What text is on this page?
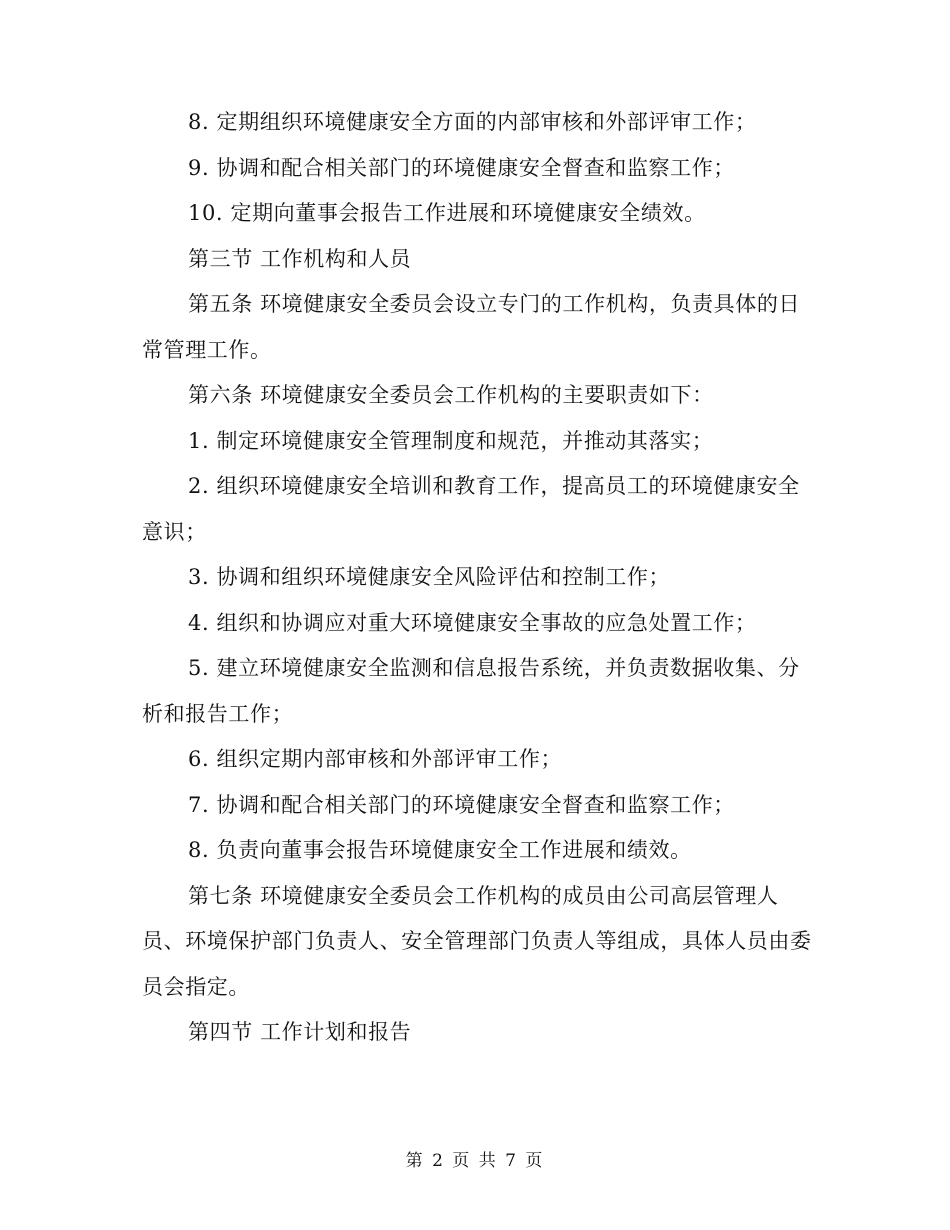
8. 定期组织环境健康安全方面的内部审核和外部评审工作；

9. 协调和配合相关部门的环境健康安全督查和监察工作；

10. 定期向董事会报告工作进展和环境健康安全绩效。

第三节 工作机构和人员

第五条 环境健康安全委员会设立专门的工作机构，负责具体的日常管理工作。

第六条 环境健康安全委员会工作机构的主要职责如下：

1. 制定环境健康安全管理制度和规范，并推动其落实；

2. 组织环境健康安全培训和教育工作，提高员工的环境健康安全意识；

3. 协调和组织环境健康安全风险评估和控制工作；

4. 组织和协调应对重大环境健康安全事故的应急处置工作；

5. 建立环境健康安全监测和信息报告系统，并负责数据收集、分析和报告工作；

6. 组织定期内部审核和外部评审工作；

7. 协调和配合相关部门的环境健康安全督查和监察工作；

8. 负责向董事会报告环境健康安全工作进展和绩效。

第七条 环境健康安全委员会工作机构的成员由公司高层管理人员、环境保护部门负责人、安全管理部门负责人等组成，具体人员由委员会指定。

第四节 工作计划和报告

第 2 页 共 7 页
